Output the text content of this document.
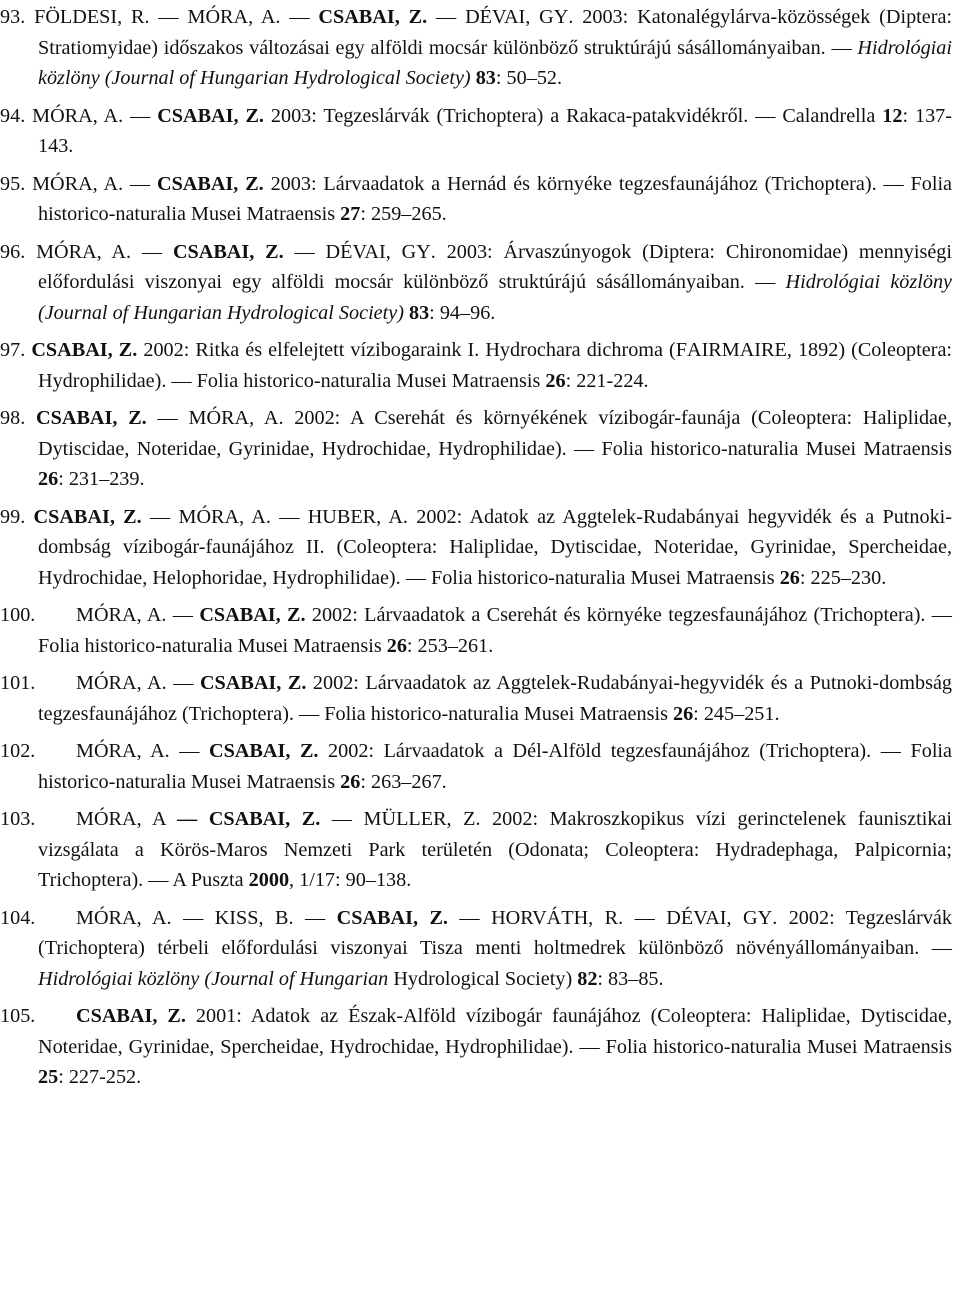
93. FÖLDESI, R. — MÓRA, A. — CSABAI, Z. — DÉVAI, GY. 2003: Katonalégylárva-közösségek (Diptera: Stratiomyidae) időszakos változásai egy alföldi mocsár különböző struktúrájú sásállományaiban. — Hidrológiai közlöny (Journal of Hungarian Hydrological Society) 83: 50–52.

94. MÓRA, A. — CSABAI, Z. 2003: Tegzeslárvák (Trichoptera) a Rakaca-patakvidékről. — Calandrella 12: 137-143.

95. MÓRA, A. — CSABAI, Z. 2003: Lárvaadatok a Hernád és környéke tegzesfaunájához (Trichoptera). — Folia historico-naturalia Musei Matraensis 27: 259–265.

96. MÓRA, A. — CSABAI, Z. — DÉVAI, GY. 2003: Árvaszúnyogok (Diptera: Chironomidae) mennyiségi előfordulási viszonyai egy alföldi mocsár különböző struktúrájú sásállományaiban. — Hidrológiai közlöny (Journal of Hungarian Hydrological Society) 83: 94–96.

97. CSABAI, Z. 2002: Ritka és elfelejtett vízibogaraink I. Hydrochara dichroma (FAIRMAIRE, 1892) (Coleoptera: Hydrophilidae). — Folia historico-naturalia Musei Matraensis 26: 221-224.

98. CSABAI, Z. — MÓRA, A. 2002: A Cserehát és környékének vízibogár-faunája (Coleoptera: Haliplidae, Dytiscidae, Noteridae, Gyrinidae, Hydrochidae, Hydrophilidae). — Folia historico-naturalia Musei Matraensis 26: 231–239.

99. CSABAI, Z. — MÓRA, A. — HUBER, A. 2002: Adatok az Aggtelek-Rudabányai hegyvidék és a Putnoki-dombság vízibogár-faunájához II. (Coleoptera: Haliplidae, Dytiscidae, Noteridae, Gyrinidae, Spercheidae, Hydrochidae, Helophoridae, Hydrophilidae). — Folia historico-naturalia Musei Matraensis 26: 225–230.

100. MÓRA, A. — CSABAI, Z. 2002: Lárvaadatok a Cserehát és környéke tegzesfaunájához (Trichoptera). — Folia historico-naturalia Musei Matraensis 26: 253–261.

101. MÓRA, A. — CSABAI, Z. 2002: Lárvaadatok az Aggtelek-Rudabányai-hegyvidék és a Putnoki-dombság tegzesfaunájához (Trichoptera). — Folia historico-naturalia Musei Matraensis 26: 245–251.

102. MÓRA, A. — CSABAI, Z. 2002: Lárvaadatok a Dél-Alföld tegzesfaunájához (Trichoptera). — Folia historico-naturalia Musei Matraensis 26: 263–267.

103. MÓRA, A — CSABAI, Z. — MÜLLER, Z. 2002: Makroszkopikus vízi gerinctelenek faunisztikai vizsgálata a Körös-Maros Nemzeti Park területén (Odonata; Coleoptera: Hydradephaga, Palpicornia; Trichoptera). — A Puszta 2000, 1/17: 90–138.

104. MÓRA, A. — KISS, B. — CSABAI, Z. — HORVÁTH, R. — DÉVAI, GY. 2002: Tegzeslárvák (Trichoptera) térbeli előfordulási viszonyai Tisza menti holtmedrek különböző növényállományaiban. — Hidrológiai közlöny (Journal of Hungarian Hydrological Society) 82: 83–85.

105. CSABAI, Z. 2001: Adatok az Észak-Alföld vízibogár faunájához (Coleoptera: Haliplidae, Dytiscidae, Noteridae, Gyrinidae, Spercheidae, Hydrochidae, Hydrophilidae). — Folia historico-naturalia Musei Matraensis 25: 227-252.
